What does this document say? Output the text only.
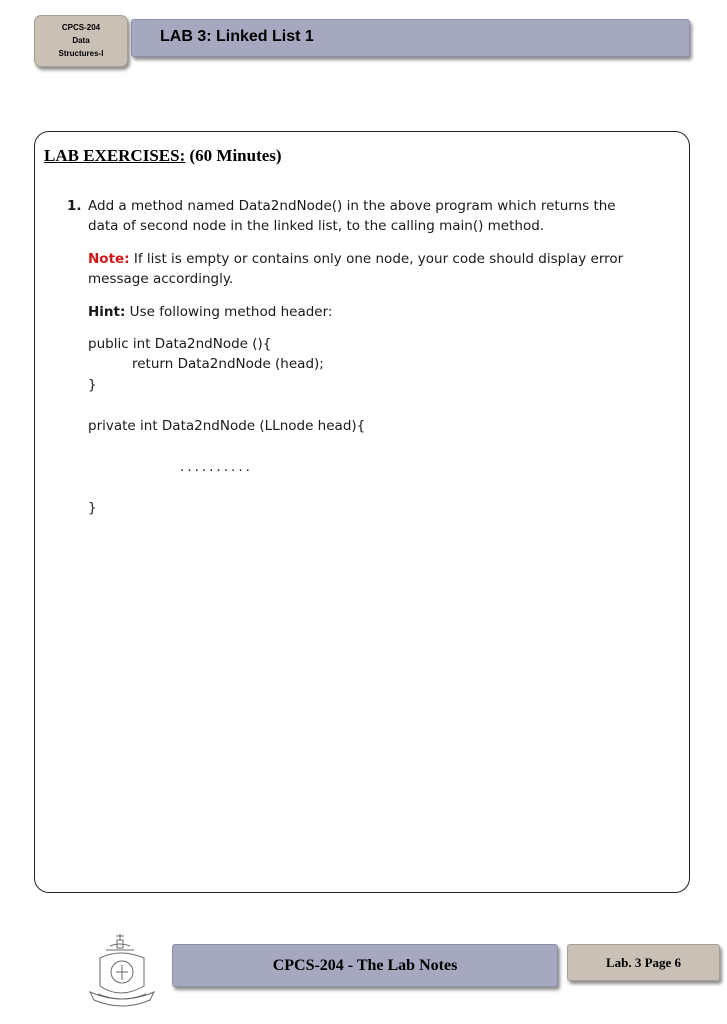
CPCS-204
Data
Structures-I
LAB 3: Linked List 1
LAB EXERCISES: (60 Minutes)
1. Add a method named Data2ndNode() in the above program which returns the
data of second node in the linked list, to the calling main() method.
Note: If list is empty or contains only one node, your code should display error
message accordingly.
Hint: Use following method header:
public int Data2ndNode (){
return Data2ndNode (head);
}
private int Data2ndNode (LLnode head){
..........
}
CPCS-204 - The Lab Notes	Lab. 3 Page 6
